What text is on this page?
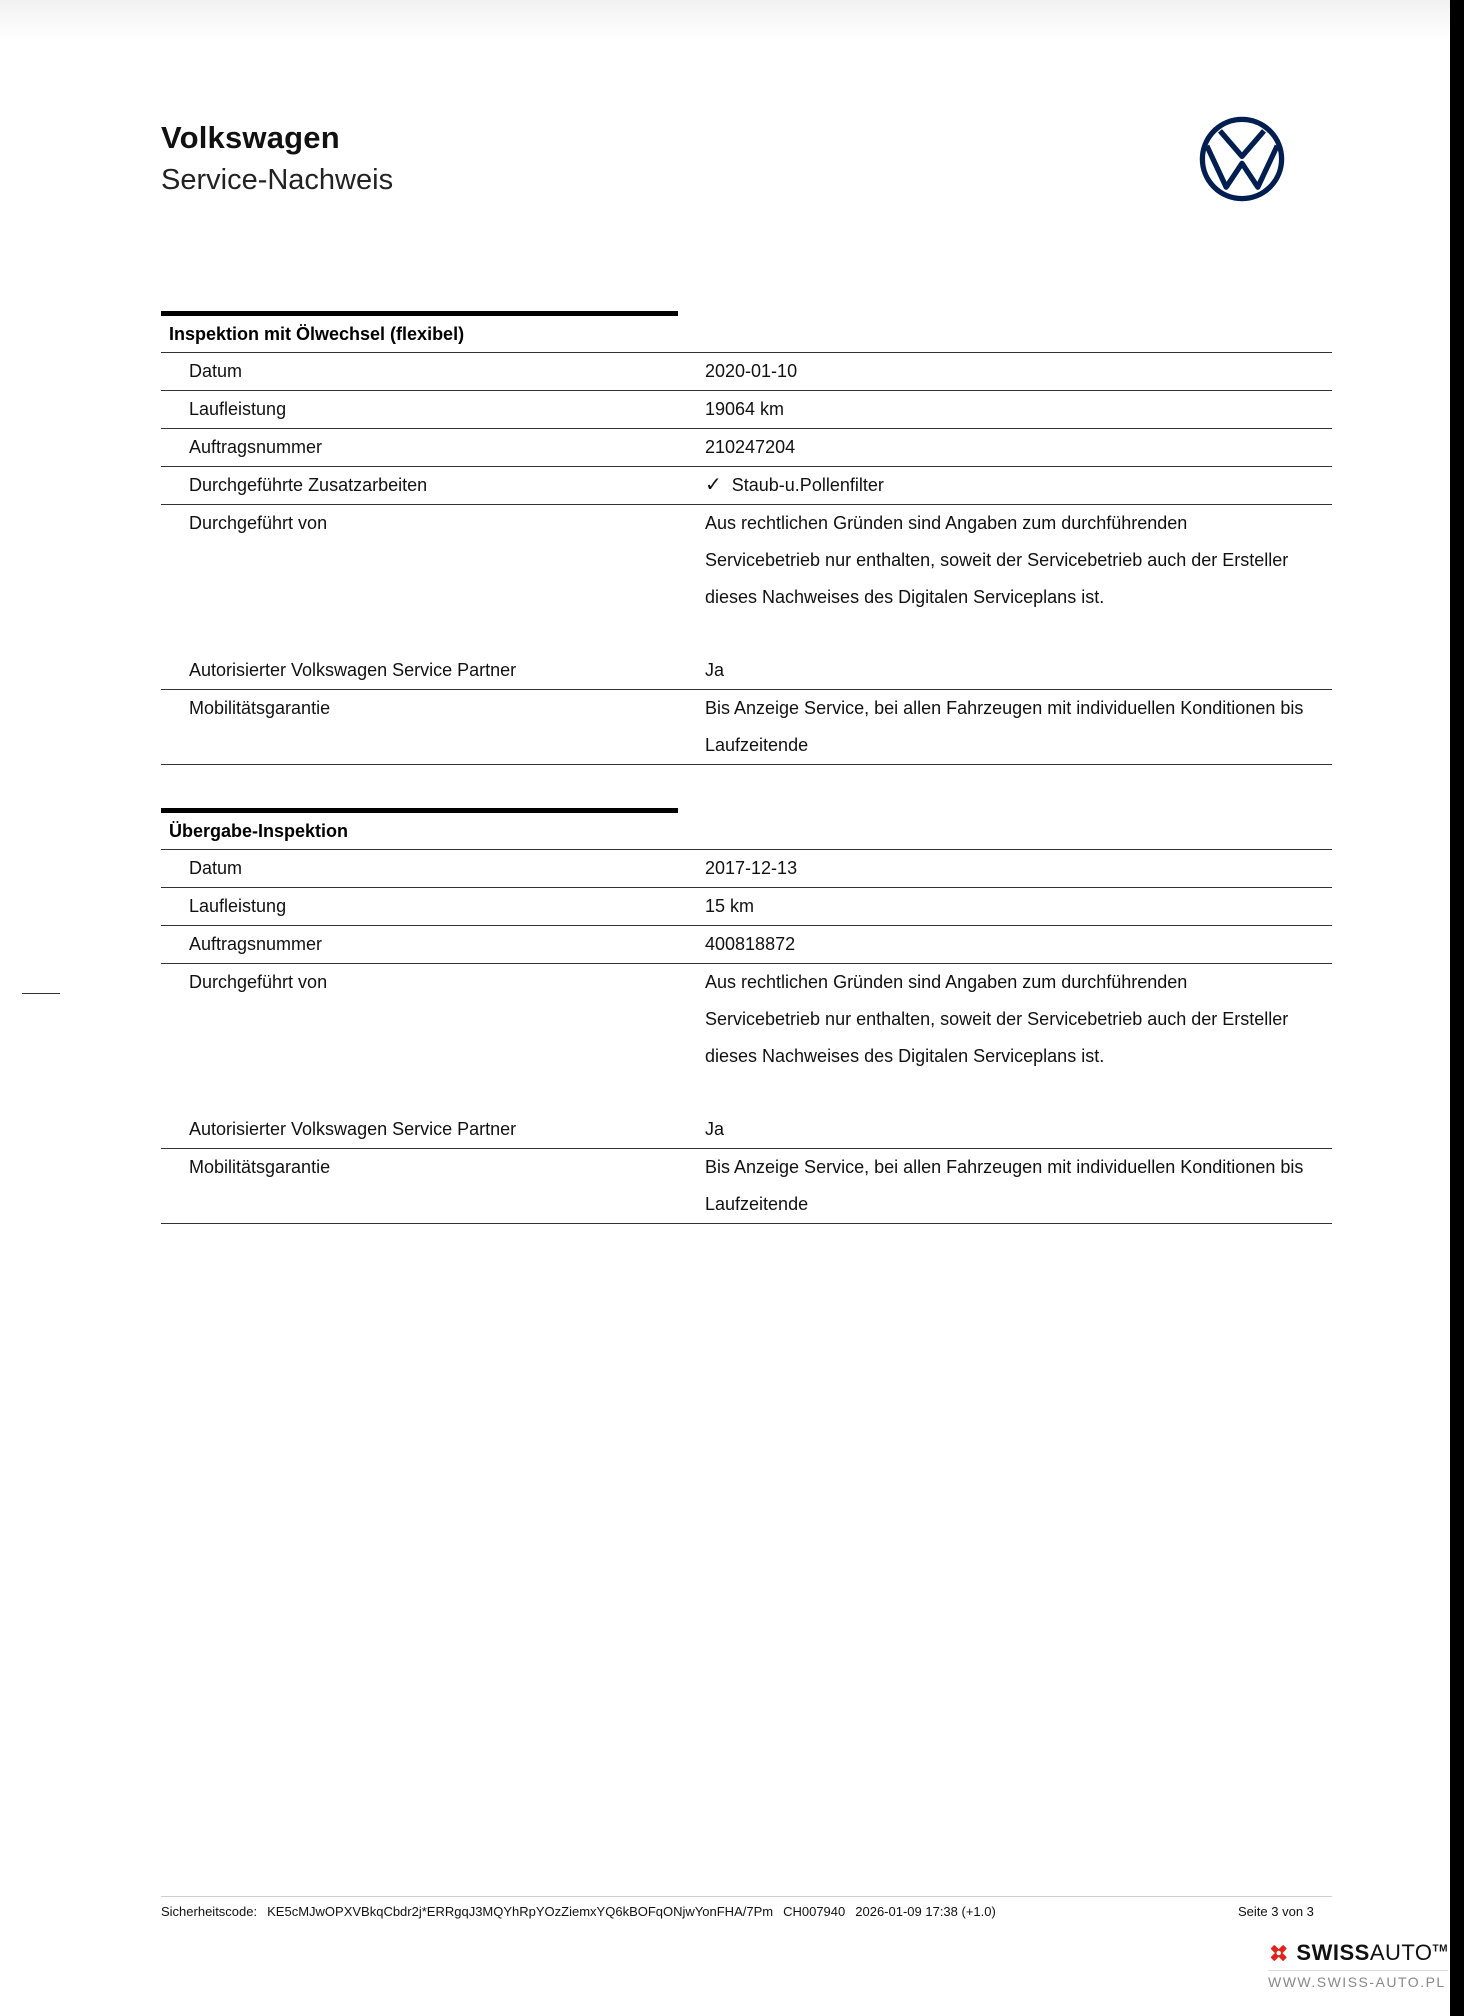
Volkswagen
Service-Nachweis
Inspektion mit Ölwechsel (flexibel)
Datum	2020-01-10
Laufleistung	19064 km
Auftragsnummer	210247204
Durchgeführte Zusatzarbeiten	✓ Staub-u.Pollenfilter
Durchgeführt von	Aus rechtlichen Gründen sind Angaben zum durchführenden
Servicebetrieb nur enthalten, soweit der Servicebetrieb auch der Ersteller
dieses Nachweises des Digitalen Serviceplans ist.
Autorisierter Volkswagen Service Partner	Ja
Mobilitätsgarantie	Bis Anzeige Service, bei allen Fahrzeugen mit individuellen Konditionen bis
Laufzeitende
Übergabe-Inspektion
Datum	2017-12-13
Laufleistung	15 km
Auftragsnummer	400818872
Durchgeführt von	Aus rechtlichen Gründen sind Angaben zum durchführenden
Servicebetrieb nur enthalten, soweit der Servicebetrieb auch der Ersteller
dieses Nachweises des Digitalen Serviceplans ist.
Autorisierter Volkswagen Service Partner	Ja
Mobilitätsgarantie	Bis Anzeige Service, bei allen Fahrzeugen mit individuellen Konditionen bis
Laufzeitende
Sicherheitscode: KE5cMJwOPXVBkqCbdr2j*ERRgqJ3MQYhRpYOzZiemxYQ6kBOFqONjwYonFHA/7Pm CH007940 2026-01-09 17:38 (+1.0)	Seite 3 von 3
SWISSAUTO™
WWW.SWISS-AUTO.PL
